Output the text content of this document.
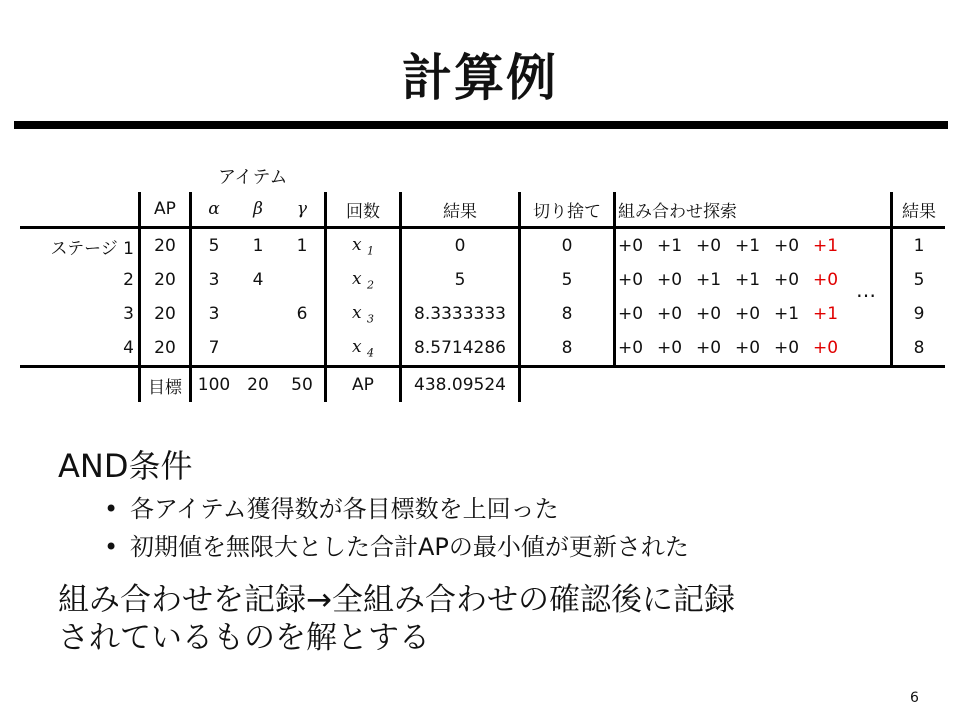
計算例
アイテム
	AP	α	β	γ	回数	結果	切り捨て	組み合わせ探索	結果
ステージ 1	20	5	1	1	x $_1$	0	0	+0 +1 +0 +1 +0 +1	1
2	20	3	4		x $_2$	5	5	+0 +0 +1 +1 +0 +0	5
3	20	3		6	x $_3$	8.3333333	8	+0 +0 +0 +0 +1 +1	9
4	20	7			x $_4$	8.5714286	8	+0 +0 +0 +0 +0 +0	8
	目標	100	20	50	AP	438.09524			
…
AND条件
• 各アイテム獲得数が各目標数を上回った
• 初期値を無限大とした合計APの最小値が更新された
組み合わせを記録→全組み合わせの確認後に記録
されているものを解とする
6
